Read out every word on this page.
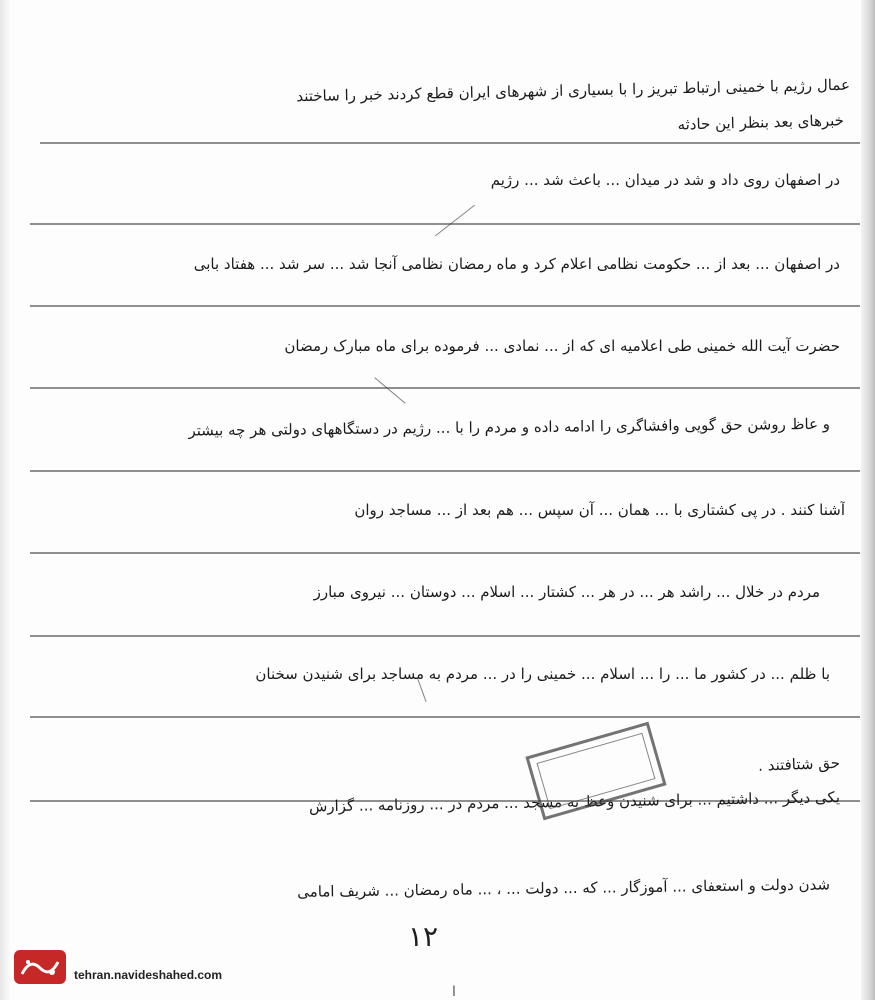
عمال رژیم با خمینی ارتباط تبریز را با بسیاری از شهرهای ایران قطع کردند خبر را ساختند
خبرهای بعد بنظر این حادثه
در اصفهان روی داد و شد در میدان ... باعث شد ... رژیم
در اصفهان ... بعد از ... حکومت نظامی اعلام کرد و ماه رمضان نظامی آنجا شد ... سر شد ... هفتاد بابی
حضرت آیت الله خمینی طی اعلامیه ای که از ... نمادی ... فرموده برای ماه مبارک رمضان
و عاظ روشن حق گویی وافشاگری را ادامه داده و مردم را با ... رژیم در دستگاههای دولتی هر چه بیشتر
آشنا کنند . در پی کشتاری با ... همان ... آن سپس ... هم بعد از ... مساجد روان
مردم در خلال ... راشد هر ... در هر ... کشتار ... اسلام ... دوستان ... نیروی مبارز
با ظلم ... در کشور ما ... را ... اسلام ... خمینی را در ... مردم به مساجد برای شنیدن سخنان
حق شتافتند .
یکی دیگر ... داشتیم ... برای شنیدن وعظ به مسجد ... مردم در ... روزنامه ... گزارش
شدن دولت و استعفای ... آموزگار ... که ... دولت ... ، ... ماه رمضان ... شریف امامی
۱۲
ا
tehran.navideshahed.com
